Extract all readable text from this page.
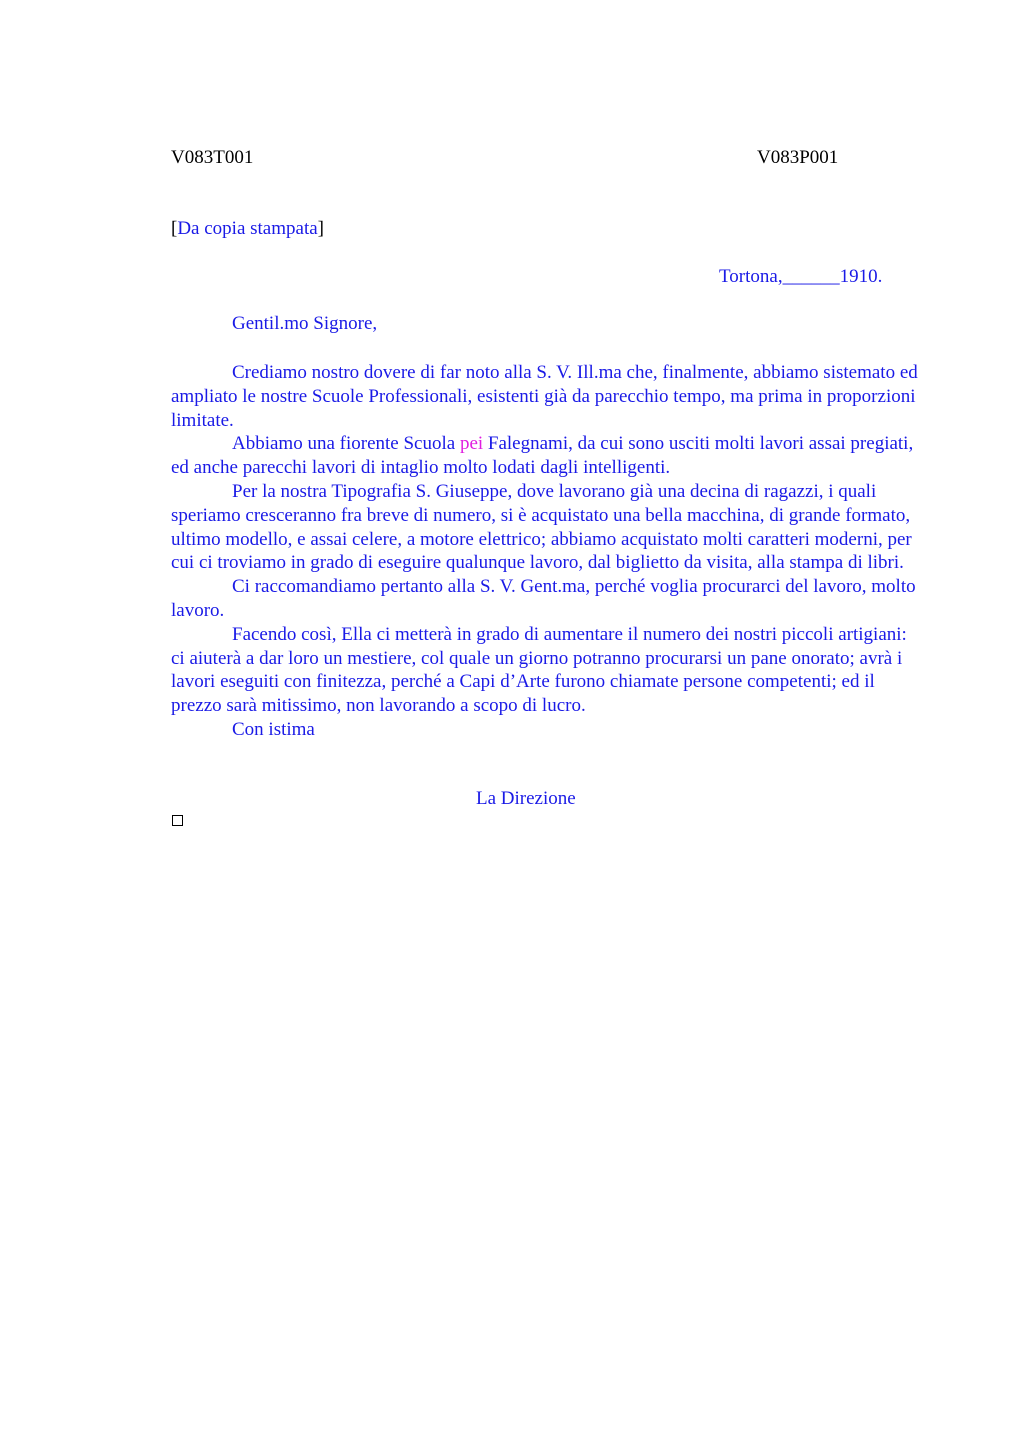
V083T001	V083P001
[Da copia stampata]
Tortona,______1910.
Gentil.mo Signore,

Crediamo nostro dovere di far noto alla S. V. Ill.ma che, finalmente, abbiamo sistemato ed ampliato le nostre Scuole Professionali, esistenti già da parecchio tempo, ma prima in proporzioni limitate.

Abbiamo una fiorente Scuola pei Falegnami, da cui sono usciti molti lavori assai pregiati, ed anche parecchi lavori di intaglio molto lodati dagli intelligenti.

Per la nostra Tipografia S. Giuseppe, dove lavorano già una decina di ragazzi, i quali speriamo cresceranno fra breve di numero, si è acquistato una bella macchina, di grande formato, ultimo modello, e assai celere, a motore elettrico; abbiamo acquistato molti caratteri moderni, per cui ci troviamo in grado di eseguire qualunque lavoro, dal biglietto da visita, alla stampa di libri.

Ci raccomandiamo pertanto alla S. V. Gent.ma, perché voglia procurarci del lavoro, molto lavoro.

Facendo così, Ella ci metterà in grado di aumentare il numero dei nostri piccoli artigiani: ci aiuterà a dar loro un mestiere, col quale un giorno potranno procurarsi un pane onorato; avrà i lavori eseguiti con finitezza, perché a Capi d’Arte furono chiamate persone competenti; ed il prezzo sarà mitissimo, non lavorando a scopo di lucro.

Con istima

La Direzione
